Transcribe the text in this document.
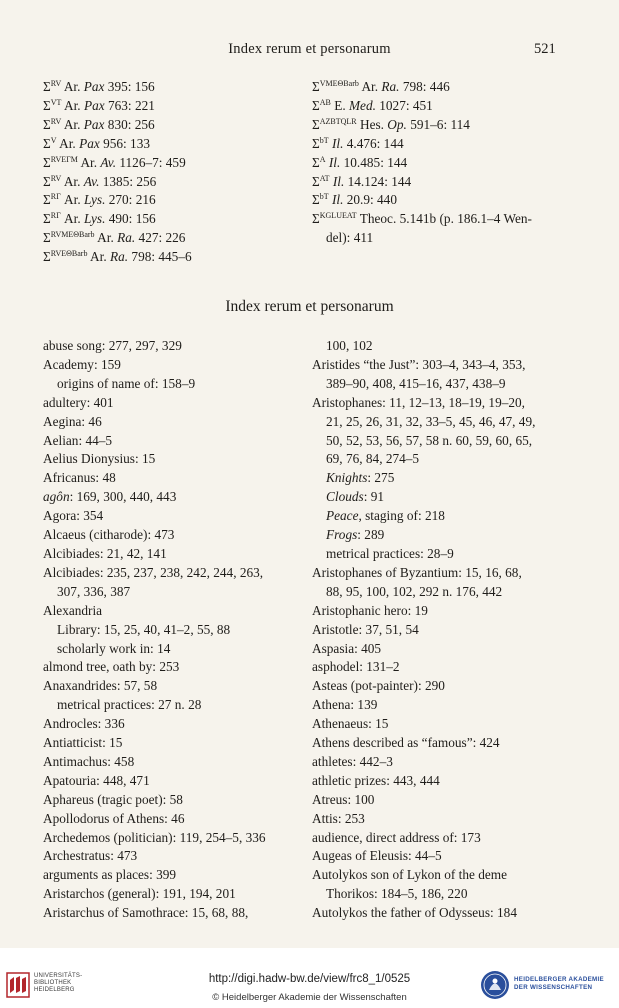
Index rerum et personarum	521
$\Sigma^{RV}$ Ar. Pax 395: 156
$\Sigma^{VT}$ Ar. Pax 763: 221
$\Sigma^{RV}$ Ar. Pax 830: 256
$\Sigma^V$ Ar. Pax 956: 133
$\Sigma^{RVE\Gamma M}$ Ar. Av. 1126–7: 459
$\Sigma^{RV}$ Ar. Av. 1385: 256
$\Sigma^{R\Gamma}$ Ar. Lys. 270: 216
$\Sigma^{R\Gamma}$ Ar. Lys. 490: 156
$\Sigma^{RVME\Theta Barb}$ Ar. Ra. 427: 226
$\Sigma^{RVE\Theta Barb}$ Ar. Ra. 798: 445–6
$\Sigma^{VME\Theta Barb}$ Ar. Ra. 798: 446
$\Sigma^{AB}$ E. Med. 1027: 451
$\Sigma^{AZBTQLR}$ Hes. Op. 591–6: 114
$\Sigma^{bT}$ Il. 4.476: 144
$\Sigma^A$ Il. 10.485: 144
$\Sigma^{AT}$ Il. 14.124: 144
$\Sigma^{bT}$ Il. 20.9: 440
$\Sigma^{KGLUEAT}$ Theoc. 5.141b (p. 186.1–4 Wen-
del): 411
Index rerum et personarum
abuse song: 277, 297, 329
Academy: 159
origins of name of: 158–9
adultery: 401
Aegina: 46
Aelian: 44–5
Aelius Dionysius: 15
Africanus: 48
agôn: 169, 300, 440, 443
Agora: 354
Alcaeus (citharode): 473
Alcibiades: 21, 42, 141
Alcibiades: 235, 237, 238, 242, 244, 263,
307, 336, 387
Alexandria
Library: 15, 25, 40, 41–2, 55, 88
scholarly work in: 14
almond tree, oath by: 253
Anaxandrides: 57, 58
metrical practices: 27 n. 28
Androcles: 336
Antiatticist: 15
Antimachus: 458
Apatouria: 448, 471
Aphareus (tragic poet): 58
Apollodorus of Athens: 46
Archedemos (politician): 119, 254–5, 336
Archestratus: 473
arguments as places: 399
Aristarchos (general): 191, 194, 201
Aristarchus of Samothrace: 15, 68, 88,
100, 102
Aristides “the Just”: 303–4, 343–4, 353,
389–90, 408, 415–16, 437, 438–9
Aristophanes: 11, 12–13, 18–19, 19–20,
21, 25, 26, 31, 32, 33–5, 45, 46, 47, 49,
50, 52, 53, 56, 57, 58 n. 60, 59, 60, 65,
69, 76, 84, 274–5
Knights: 275
Clouds: 91
Peace, staging of: 218
Frogs: 289
metrical practices: 28–9
Aristophanes of Byzantium: 15, 16, 68,
88, 95, 100, 102, 292 n. 176, 442
Aristophanic hero: 19
Aristotle: 37, 51, 54
Aspasia: 405
asphodel: 131–2
Asteas (pot-painter): 290
Athena: 139
Athenaeus: 15
Athens described as “famous”: 424
athletes: 442–3
athletic prizes: 443, 444
Atreus: 100
Attis: 253
audience, direct address of: 173
Augeas of Eleusis: 44–5
Autolykos son of Lykon of the deme
Thorikos: 184–5, 186, 220
Autolykos the father of Odysseus: 184
UNIVERSITÄTS-
BIBLIOTHEK
HEIDELBERG
http://digi.hadw-bw.de/view/frc8_1/0525
© Heidelberger Akademie der Wissenschaften
HEIDELBERGER AKADEMIE
DER WISSENSCHAFTEN
